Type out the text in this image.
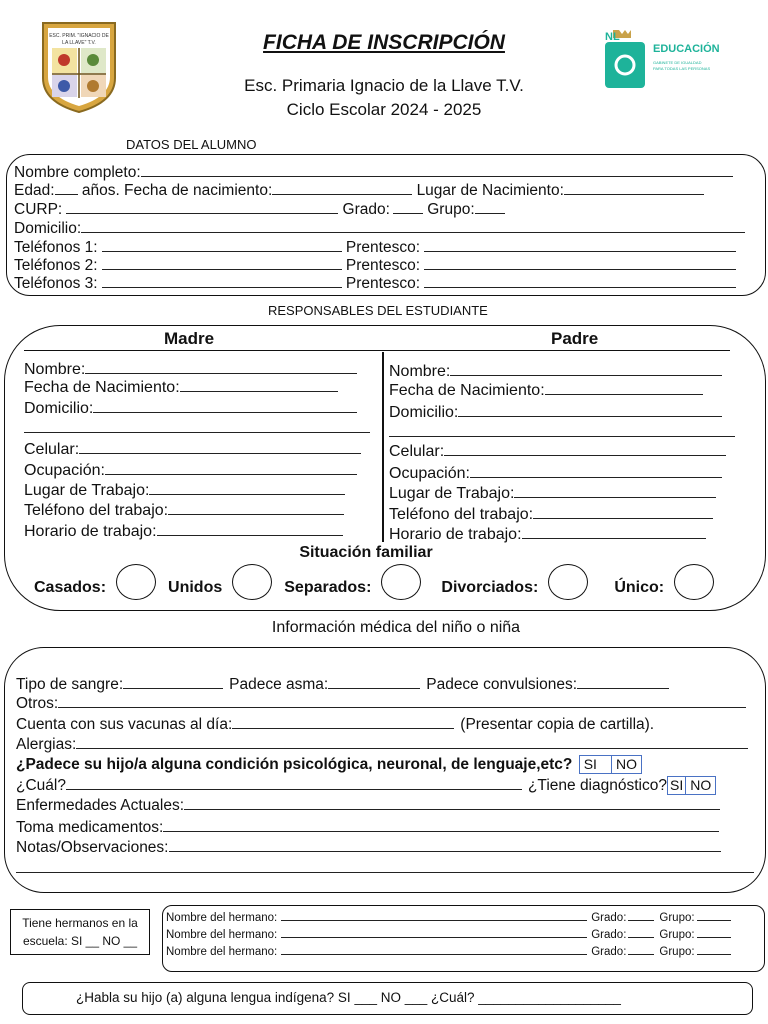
ESC. PRIM. "IGNACIO DE
LA LLAVE" T.V.	FICHA DE INSCRIPCIÓN
Esc. Primaria Ignacio de la Llave T.V.
Ciclo Escolar 2024 - 2025
NL
EDUCACIÓN
GABINETE DE IGUALDAD
PARA TODAS LAS PERSONAS
DATOS DEL ALUMNO
Nombre completo:
Edad: años. Fecha de nacimiento:	Lugar de Nacimiento:
CURP:	Grado: Grupo:
Domicilio:
Teléfonos 1:	Prentesco:
Teléfonos 2:	Prentesco:
Teléfonos 3:	Prentesco:
RESPONSABLES DEL ESTUDIANTE
Madre	Padre
Nombre:
Fecha de Nacimiento:
Domicilio:
Celular:
Ocupación:
Lugar de Trabajo:
Teléfono del trabajo:
Horario de trabajo:
Nombre:
Fecha de Nacimiento:
Domicilio:
Celular:
Ocupación:
Lugar de Trabajo:
Teléfono del trabajo:
Horario de trabajo:
Situación familiar
Casados:	Unidos	Separados:	Divorciados:	Único:
Información médica del niño o niña
Tipo de sangre:	Padece asma:	Padece convulsiones:
Otros:
Cuenta con sus vacunas al día:	(Presentar copia de cartilla).
Alergias:
¿Padece su hijo/a alguna condición psicológica, neuronal, de lenguaje,etc? SI NO
¿Cuál?	¿Tiene diagnóstico? SI NO
Enfermedades Actuales:
Toma medicamentos:
Notas/Observaciones:
Tiene hermanos en la
escuela: SI __ NO __
Nombre del hermano:	Grado:	Grupo:
Nombre del hermano:	Grado:	Grupo:
Nombre del hermano:	Grado:	Grupo:
¿Habla su hijo (a) alguna lengua indígena? SI ___ NO ___ ¿Cuál? ___________________
